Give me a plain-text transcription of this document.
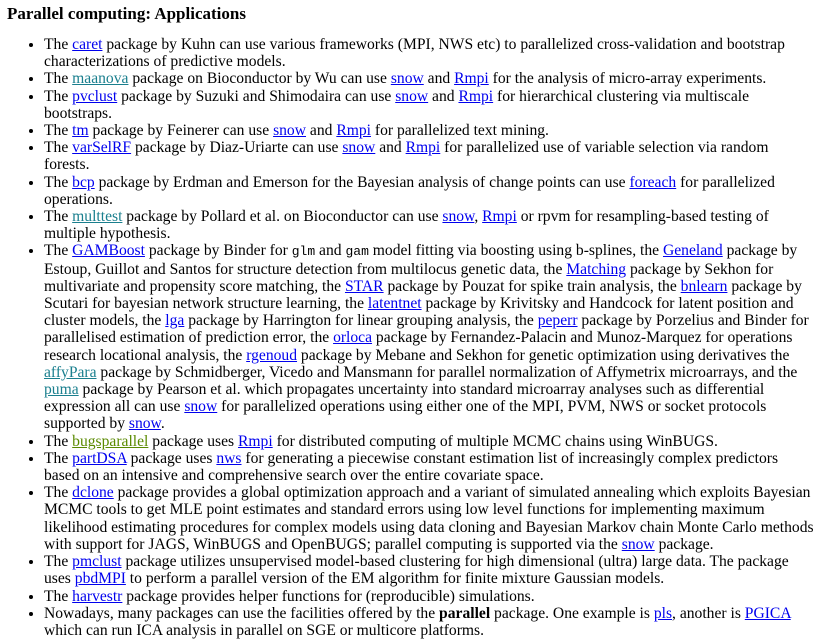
Parallel computing: Applications
• The caret package by Kuhn can use various frameworks (MPI, NWS etc) to parallelized cross-validation and bootstrap characterizations of predictive models.
• The maanova package on Bioconductor by Wu can use snow and Rmpi for the analysis of micro-array experiments.
• The pvclust package by Suzuki and Shimodaira can use snow and Rmpi for hierarchical clustering via multiscale bootstraps.
• The tm package by Feinerer can use snow and Rmpi for parallelized text mining.
• The varSelRF package by Diaz-Uriarte can use snow and Rmpi for parallelized use of variable selection via random forests.
• The bcp package by Erdman and Emerson for the Bayesian analysis of change points can use foreach for parallelized operations.
• The multtest package by Pollard et al. on Bioconductor can use snow, Rmpi or rpvm for resampling-based testing of multiple hypothesis.
• The GAMBoost package by Binder for glm and gam model fitting via boosting using b-splines, the Geneland package by Estoup, Guillot and Santos for structure detection from multilocus genetic data, the Matching package by Sekhon for multivariate and propensity score matching, the STAR package by Pouzat for spike train analysis, the bnlearn package by Scutari for bayesian network structure learning, the latentnet package by Krivitsky and Handcock for latent position and cluster models, the lga package by Harrington for linear grouping analysis, the peperr package by Porzelius and Binder for parallelised estimation of prediction error, the orloca package by Fernandez-Palacin and Munoz-Marquez for operations research locational analysis, the rgenoud package by Mebane and Sekhon for genetic optimization using derivatives the affyPara package by Schmidberger, Vicedo and Mansmann for parallel normalization of Affymetrix microarrays, and the puma package by Pearson et al. which propagates uncertainty into standard microarray analyses such as differential expression all can use snow for parallelized operations using either one of the MPI, PVM, NWS or socket protocols supported by snow.
• The bugsparallel package uses Rmpi for distributed computing of multiple MCMC chains using WinBUGS.
• The partDSA package uses nws for generating a piecewise constant estimation list of increasingly complex predictors based on an intensive and comprehensive search over the entire covariate space.
• The dclone package provides a global optimization approach and a variant of simulated annealing which exploits Bayesian MCMC tools to get MLE point estimates and standard errors using low level functions for implementing maximum likelihood estimating procedures for complex models using data cloning and Bayesian Markov chain Monte Carlo methods with support for JAGS, WinBUGS and OpenBUGS; parallel computing is supported via the snow package.
• The pmclust package utilizes unsupervised model-based clustering for high dimensional (ultra) large data. The package uses pbdMPI to perform a parallel version of the EM algorithm for finite mixture Gaussian models.
• The harvestr package provides helper functions for (reproducible) simulations.
• Nowadays, many packages can use the facilities offered by the parallel package. One example is pls, another is PGICA which can run ICA analysis in parallel on SGE or multicore platforms.
